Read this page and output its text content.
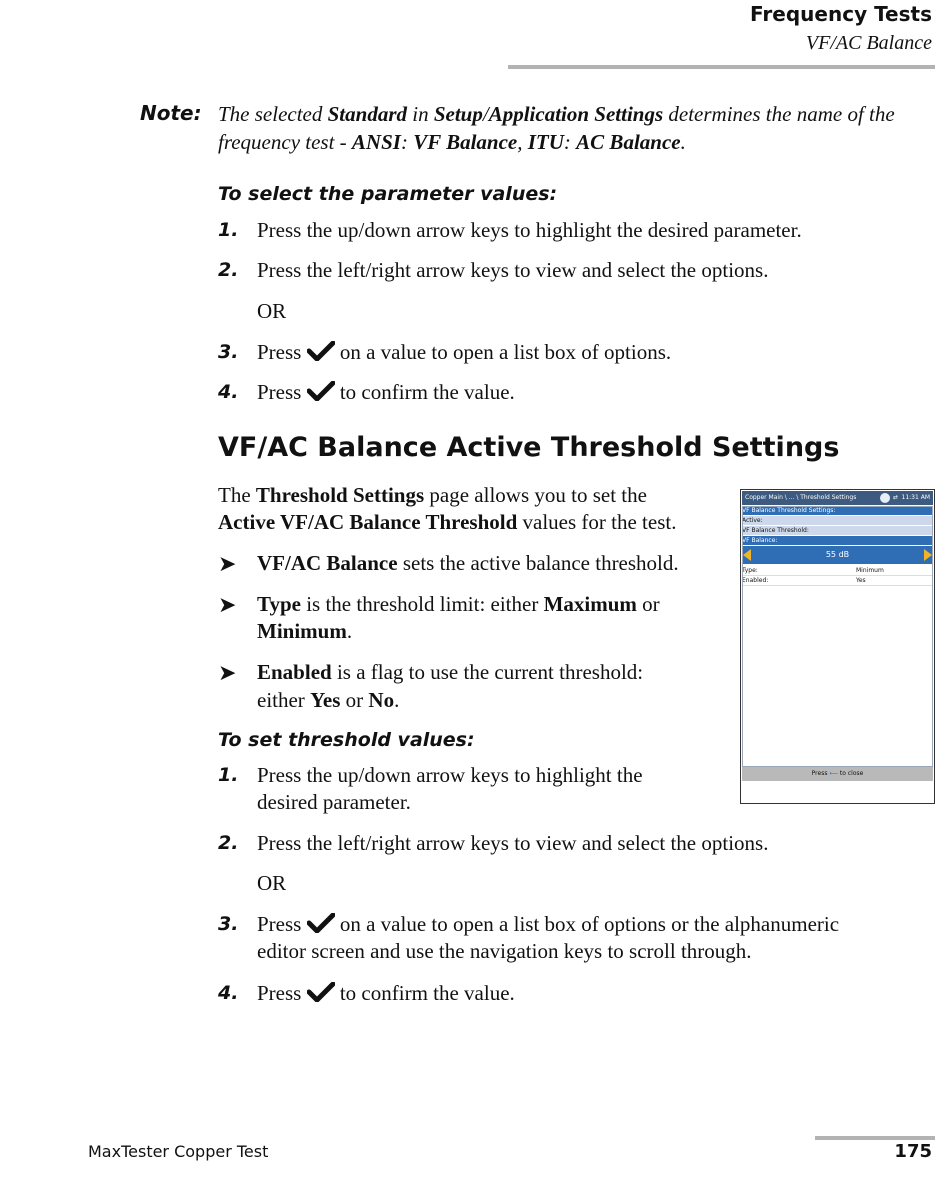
Frequency Tests
VF/AC Balance
Note: The selected Standard in Setup/Application Settings determines the name of the frequency test - ANSI: VF Balance, ITU: AC Balance.
To select the parameter values:
1. Press the up/down arrow keys to highlight the desired parameter.
2. Press the left/right arrow keys to view and select the options.
OR
3. Press on a value to open a list box of options.
4. Press to confirm the value.
VF/AC Balance Active Threshold Settings
The Threshold Settings page allows you to set the
Active VF/AC Balance Threshold values for the test.
➤ VF/AC Balance sets the active balance threshold.
➤ Type is the threshold limit: either Maximum or
Minimum.
➤ Enabled is a flag to use the current threshold:
either Yes or No.
To set threshold values:
1. Press the up/down arrow keys to highlight the
desired parameter.
2. Press the left/right arrow keys to view and select the options.
OR
3. Press on a value to open a list box of options or the alphanumeric
editor screen and use the navigation keys to scroll through.
4. Press to confirm the value.
Copper Main \ ... \ Threshold Settings	⇄ 11:31 AM
VF Balance Threshold Settings:
Active:
VF Balance Threshold:
VF Balance:
55 dB
Type:	Minimum
Enabled:	Yes
Press ⟵ to close
MaxTester Copper Test	175
